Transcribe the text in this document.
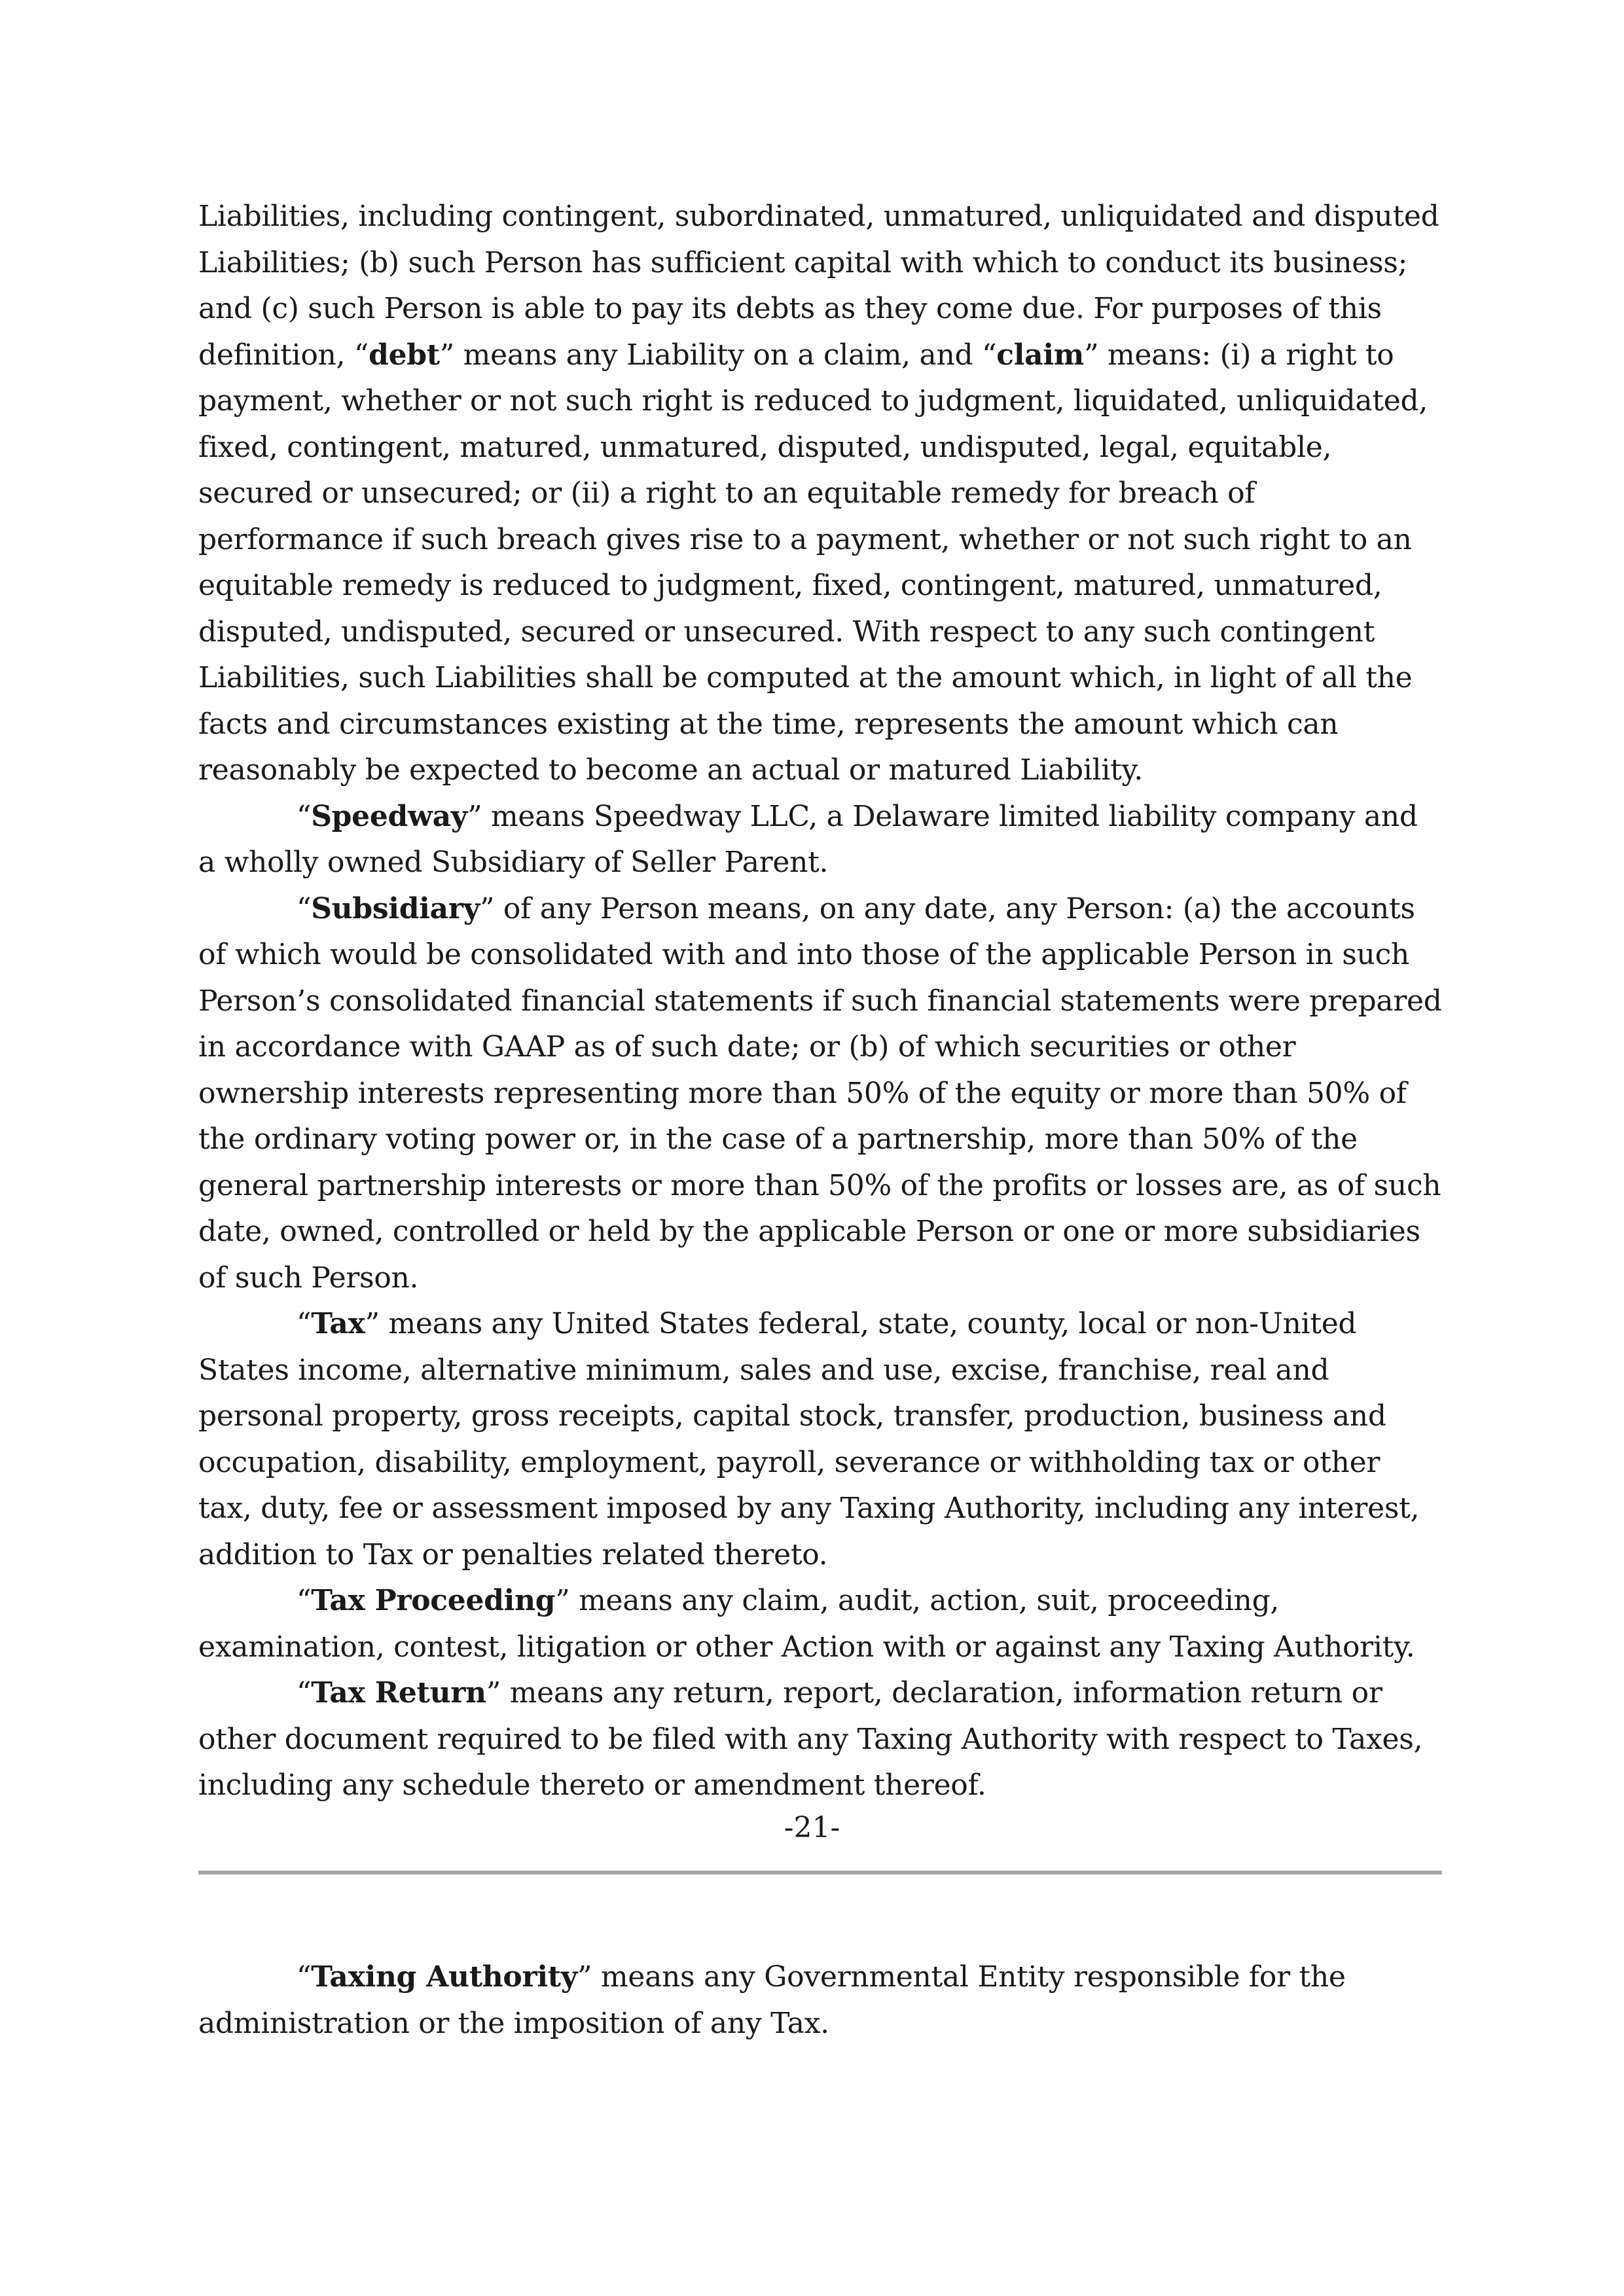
Liabilities, including contingent, subordinated, unmatured, unliquidated and disputed Liabilities; (b) such Person has sufficient capital with which to conduct its business; and (c) such Person is able to pay its debts as they come due. For purposes of this definition, “debt” means any Liability on a claim, and “claim” means: (i) a right to payment, whether or not such right is reduced to judgment, liquidated, unliquidated, fixed, contingent, matured, unmatured, disputed, undisputed, legal, equitable, secured or unsecured; or (ii) a right to an equitable remedy for breach of performance if such breach gives rise to a payment, whether or not such right to an equitable remedy is reduced to judgment, fixed, contingent, matured, unmatured, disputed, undisputed, secured or unsecured. With respect to any such contingent Liabilities, such Liabilities shall be computed at the amount which, in light of all the facts and circumstances existing at the time, represents the amount which can reasonably be expected to become an actual or matured Liability.

“Speedway” means Speedway LLC, a Delaware limited liability company and a wholly owned Subsidiary of Seller Parent.

“Subsidiary” of any Person means, on any date, any Person: (a) the accounts of which would be consolidated with and into those of the applicable Person in such Person’s consolidated financial statements if such financial statements were prepared in accordance with GAAP as of such date; or (b) of which securities or other ownership interests representing more than 50% of the equity or more than 50% of the ordinary voting power or, in the case of a partnership, more than 50% of the general partnership interests or more than 50% of the profits or losses are, as of such date, owned, controlled or held by the applicable Person or one or more subsidiaries of such Person.

“Tax” means any United States federal, state, county, local or non-United States income, alternative minimum, sales and use, excise, franchise, real and personal property, gross receipts, capital stock, transfer, production, business and occupation, disability, employment, payroll, severance or withholding tax or other tax, duty, fee or assessment imposed by any Taxing Authority, including any interest, addition to Tax or penalties related thereto.

“Tax Proceeding” means any claim, audit, action, suit, proceeding, examination, contest, litigation or other Action with or against any Taxing Authority.

“Tax Return” means any return, report, declaration, information return or other document required to be filed with any Taxing Authority with respect to Taxes, including any schedule thereto or amendment thereof.

-21-

“Taxing Authority” means any Governmental Entity responsible for the administration or the imposition of any Tax.
